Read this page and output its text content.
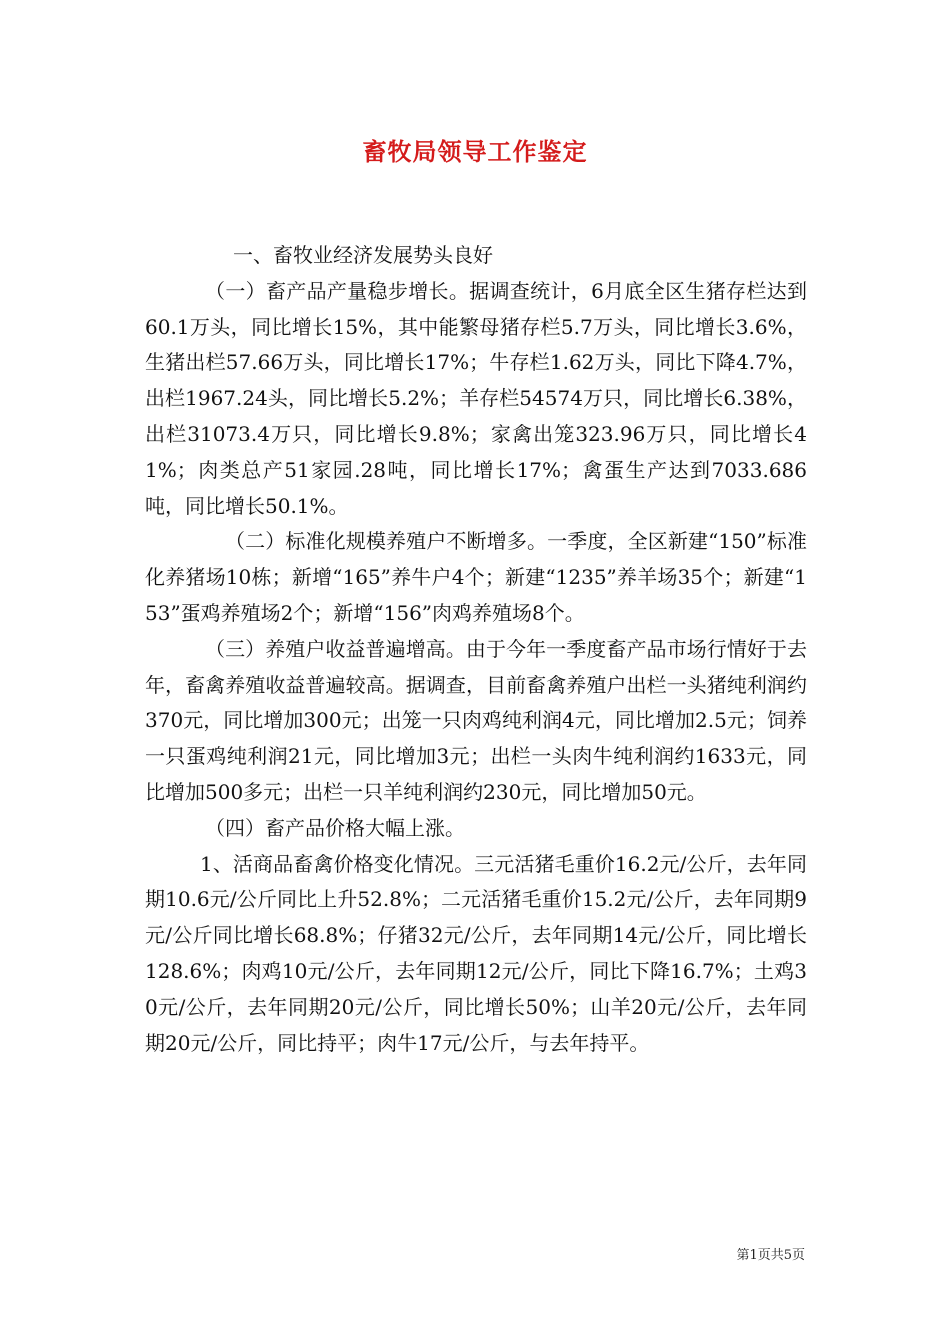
畜牧局领导工作鉴定

一、畜牧业经济发展势头良好

（一）畜产品产量稳步增长。据调查统计，6月底全区生猪存栏达到60.1万头，同比增长15%，其中能繁母猪存栏5.7万头，同比增长3.6%，生猪出栏57.66万头，同比增长17%；牛存栏1.62万头，同比下降4.7%，出栏1967.24头，同比增长5.2%；羊存栏54574万只，同比增长6.38%，出栏31073.4万只，同比增长9.8%；家禽出笼323.96万只，同比增长41%；肉类总产51家园.28吨，同比增长17%；禽蛋生产达到7033.686吨，同比增长50.1%。

（二）标准化规模养殖户不断增多。一季度，全区新建“150”标准化养猪场10栋；新增“165”养牛户4个；新建“1235”养羊场35个；新建“153”蛋鸡养殖场2个；新增“156”肉鸡养殖场8个。

（三）养殖户收益普遍增高。由于今年一季度畜产品市场行情好于去年，畜禽养殖收益普遍较高。据调查，目前畜禽养殖户出栏一头猪纯利润约370元，同比增加300元；出笼一只肉鸡纯利润4元，同比增加2.5元；饲养一只蛋鸡纯利润21元，同比增加3元；出栏一头肉牛纯利润约1633元，同比增加500多元；出栏一只羊纯利润约230元，同比增加50元。

（四）畜产品价格大幅上涨。

1、活商品畜禽价格变化情况。三元活猪毛重价16.2元/公斤，去年同期10.6元/公斤同比上升52.8%；二元活猪毛重价15.2元/公斤，去年同期9元/公斤同比增长68.8%；仔猪32元/公斤，去年同期14元/公斤，同比增长128.6%；肉鸡10元/公斤，去年同期12元/公斤，同比下降16.7%；土鸡30元/公斤，去年同期20元/公斤，同比增长50%；山羊20元/公斤，去年同期20元/公斤，同比持平；肉牛17元/公斤，与去年持平。

第1页共5页
